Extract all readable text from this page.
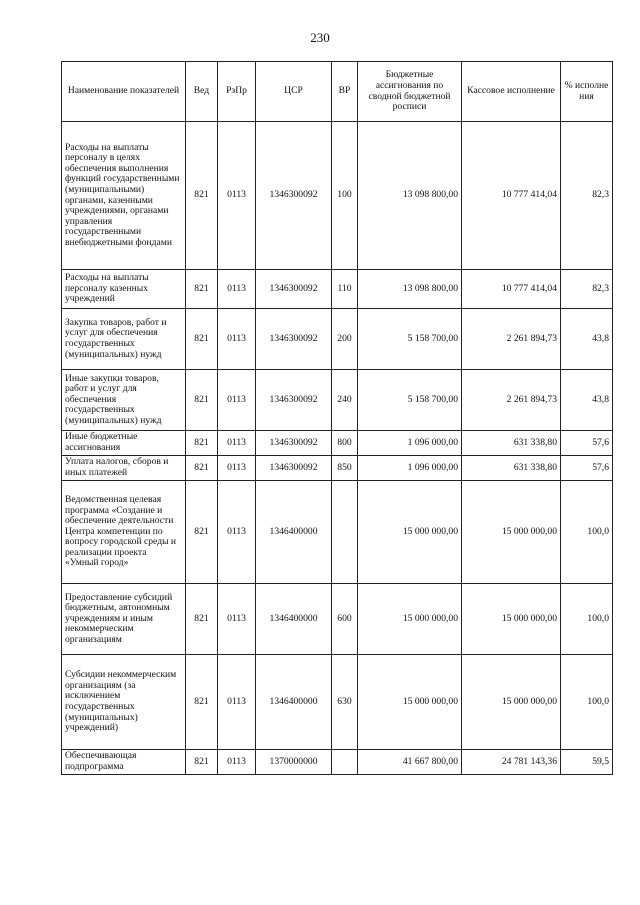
230
Наименование показателей	Вед	РзПр	ЦСР	ВР	Бюджетные ассигнования по сводной бюджетной росписи	Кассовое исполнение	% исполне ния
Расходы на выплаты персоналу в целях обеспечения выполнения функций государственными (муниципальными) органами, казенными учреждениями, органами управления государственными внебюджетными фондами	821	0113	1346300092	100	13 098 800,00	10 777 414,04	82,3
Расходы на выплаты персоналу казенных учреждений	821	0113	1346300092	110	13 098 800,00	10 777 414,04	82,3
Закупка товаров, работ и услуг для обеспечения государственных (муниципальных) нужд	821	0113	1346300092	200	5 158 700,00	2 261 894,73	43,8
Иные закупки товаров, работ и услуг для обеспечения государственных (муниципальных) нужд	821	0113	1346300092	240	5 158 700,00	2 261 894,73	43,8
Иные бюджетные ассигнования	821	0113	1346300092	800	1 096 000,00	631 338,80	57,6
Уплата налогов, сборов и иных платежей	821	0113	1346300092	850	1 096 000,00	631 338,80	57,6
Ведомственная целевая программа «Создание и обеспечение деятельности Центра компетенции по вопросу городской среды и реализации проекта «Умный город»	821	0113	1346400000		15 000 000,00	15 000 000,00	100,0
Предоставление субсидий бюджетным, автономным учреждениям и иным некоммерческим организациям	821	0113	1346400000	600	15 000 000,00	15 000 000,00	100,0
Субсидии некоммерческим организациям (за исключением государственных (муниципальных) учреждений)	821	0113	1346400000	630	15 000 000,00	15 000 000,00	100,0
Обеспечивающая подпрограмма	821	0113	1370000000		41 667 800,00	24 781 143,36	59,5
